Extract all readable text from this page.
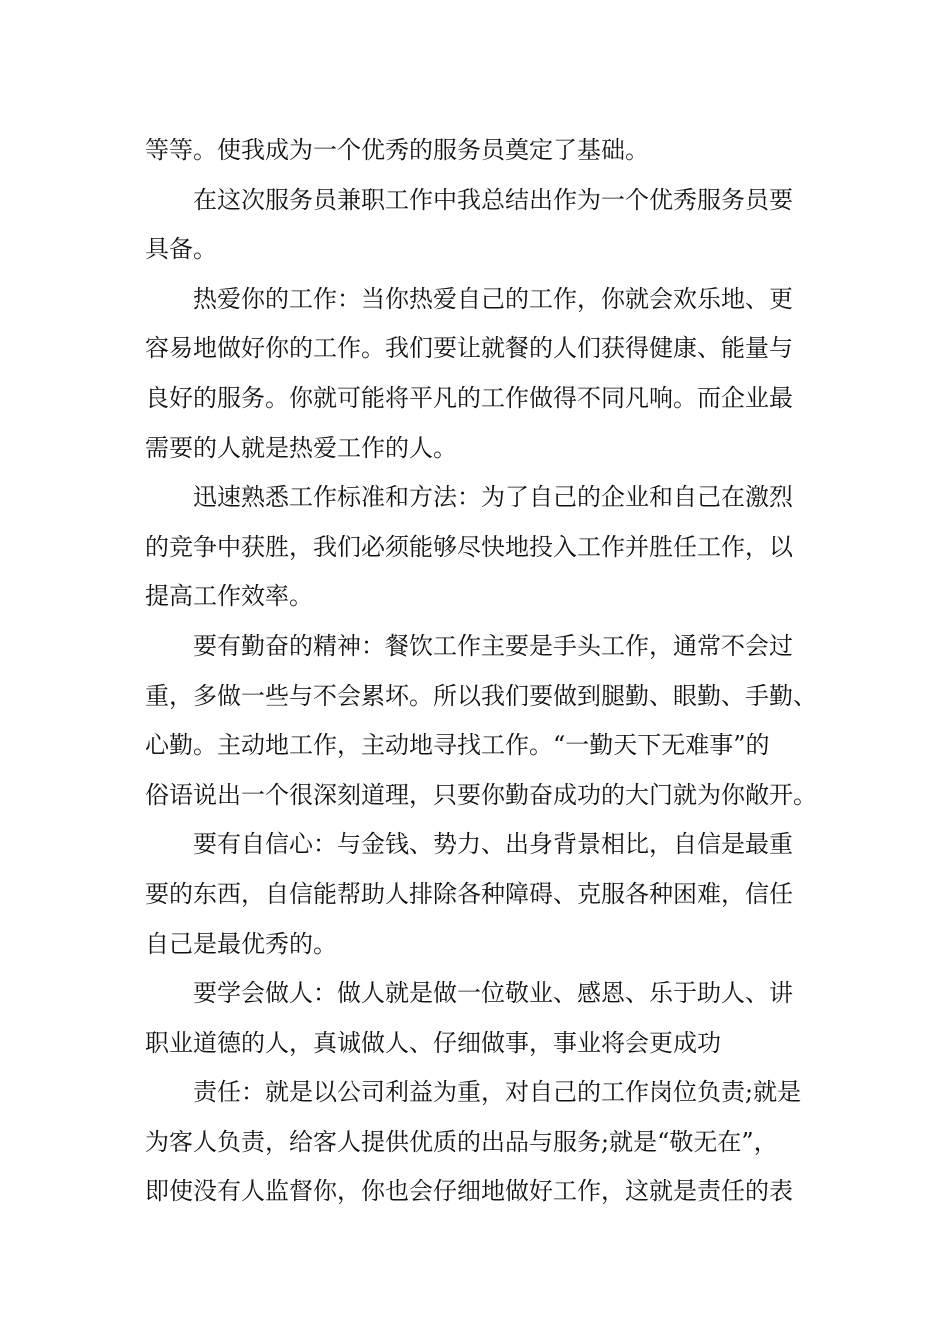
等等。使我成为一个优秀的服务员奠定了基础。
在这次服务员兼职工作中我总结出作为一个优秀服务员要
具备。
热爱你的工作：当你热爱自己的工作，你就会欢乐地、更
容易地做好你的工作。我们要让就餐的人们获得健康、能量与
良好的服务。你就可能将平凡的工作做得不同凡响。而企业最
需要的人就是热爱工作的人。
迅速熟悉工作标准和方法：为了自己的企业和自己在激烈
的竞争中获胜，我们必须能够尽快地投入工作并胜任工作，以
提高工作效率。
要有勤奋的精神：餐饮工作主要是手头工作，通常不会过
重，多做一些与不会累坏。所以我们要做到腿勤、眼勤、手勤、
心勤。主动地工作，主动地寻找工作。“一勤天下无难事”的
俗语说出一个很深刻道理，只要你勤奋成功的大门就为你敞开。
要有自信心：与金钱、势力、出身背景相比，自信是最重
要的东西，自信能帮助人排除各种障碍、克服各种困难，信任
自己是最优秀的。
要学会做人：做人就是做一位敬业、感恩、乐于助人、讲
职业道德的人，真诚做人、仔细做事，事业将会更成功
责任：就是以公司利益为重，对自己的工作岗位负责;就是
为客人负责，给客人提供优质的出品与服务;就是“敬无在”，
即使没有人监督你，你也会仔细地做好工作，这就是责任的表
